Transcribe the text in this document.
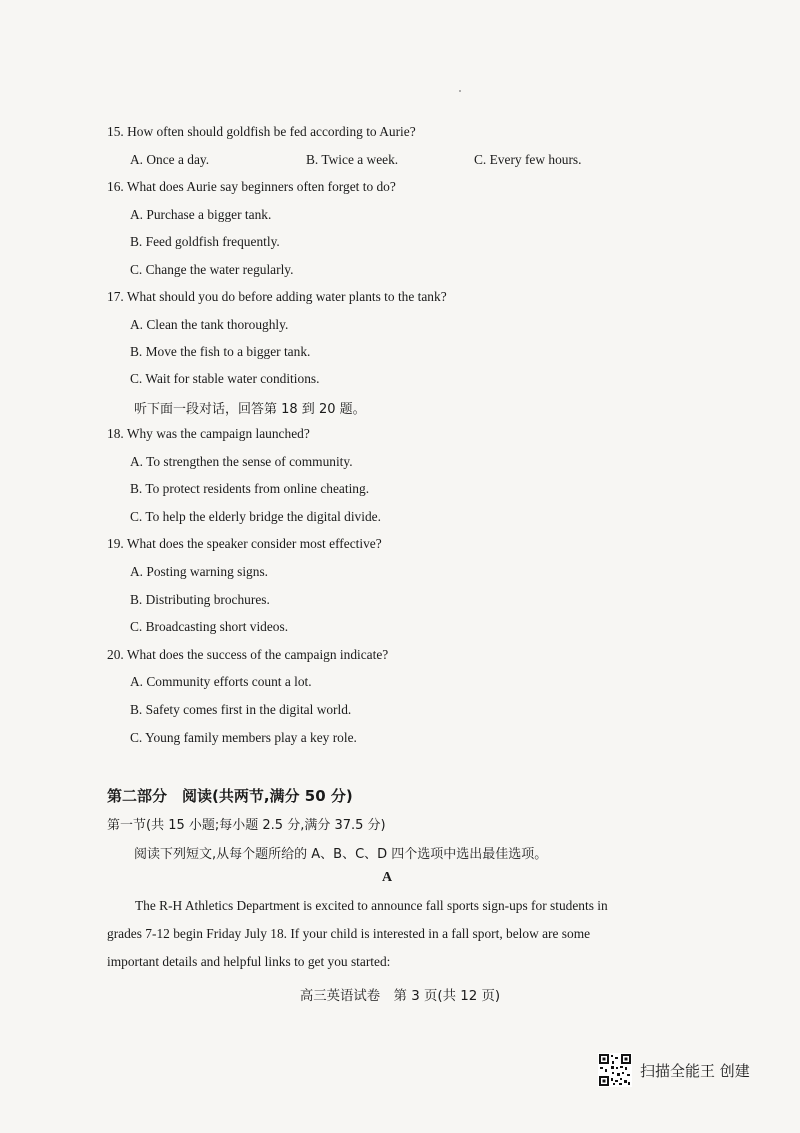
15. How often should goldfish be fed according to Aurie?
A. Once a day.	B. Twice a week.	C. Every few hours.
16. What does Aurie say beginners often forget to do?
A. Purchase a bigger tank.
B. Feed goldfish frequently.
C. Change the water regularly.
17. What should you do before adding water plants to the tank?
A. Clean the tank thoroughly.
B. Move the fish to a bigger tank.
C. Wait for stable water conditions.
听下面一段对话，回答第 18 到 20 题。
18. Why was the campaign launched?
A. To strengthen the sense of community.
B. To protect residents from online cheating.
C. To help the elderly bridge the digital divide.
19. What does the speaker consider most effective?
A. Posting warning signs.
B. Distributing brochures.
C. Broadcasting short videos.
20. What does the success of the campaign indicate?
A. Community efforts count a lot.
B. Safety comes first in the digital world.
C. Young family members play a key role.
第二部分　阅读(共两节,满分 50 分)
第一节(共 15 小题;每小题 2.5 分,满分 37.5 分)
阅读下列短文,从每个题所给的 A、B、C、D 四个选项中选出最佳选项。
A
The R-H Athletics Department is excited to announce fall sports sign-ups for students in
grades 7-12 begin Friday July 18. If your child is interested in a fall sport, below are some
important details and helpful links to get you started:
高三英语试卷　第 3 页(共 12 页)
扫描全能王 创建
